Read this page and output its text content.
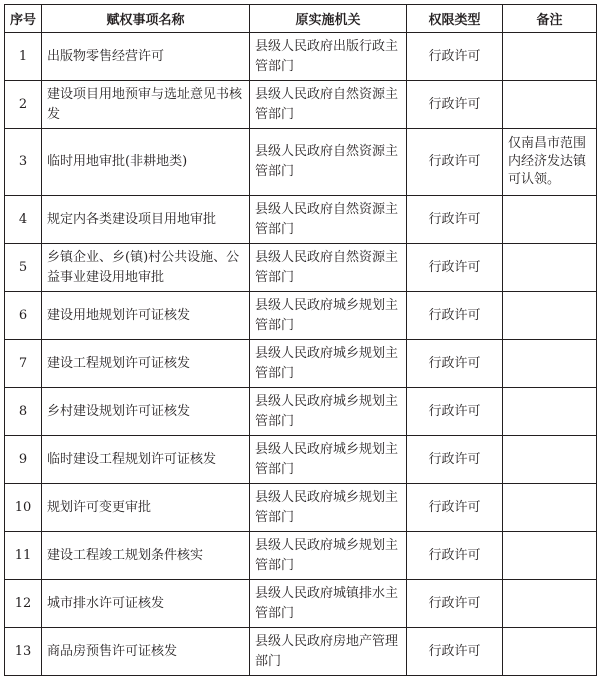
序号	赋权事项名称	原实施机关	权限类型	备注
1	出版物零售经营许可	县级人民政府出版行政主管部门	行政许可	
2	建设项目用地预审与选址意见书核发	县级人民政府自然资源主管部门	行政许可	
3	临时用地审批(非耕地类)	县级人民政府自然资源主管部门	行政许可	仅南昌市范围内经济发达镇可认领。
4	规定内各类建设项目用地审批	县级人民政府自然资源主管部门	行政许可	
5	乡镇企业、乡(镇)村公共设施、公益事业建设用地审批	县级人民政府自然资源主管部门	行政许可	
6	建设用地规划许可证核发	县级人民政府城乡规划主管部门	行政许可	
7	建设工程规划许可证核发	县级人民政府城乡规划主管部门	行政许可	
8	乡村建设规划许可证核发	县级人民政府城乡规划主管部门	行政许可	
9	临时建设工程规划许可证核发	县级人民政府城乡规划主管部门	行政许可	
10	规划许可变更审批	县级人民政府城乡规划主管部门	行政许可	
11	建设工程竣工规划条件核实	县级人民政府城乡规划主管部门	行政许可	
12	城市排水许可证核发	县级人民政府城镇排水主管部门	行政许可	
13	商品房预售许可证核发	县级人民政府房地产管理部门	行政许可	
